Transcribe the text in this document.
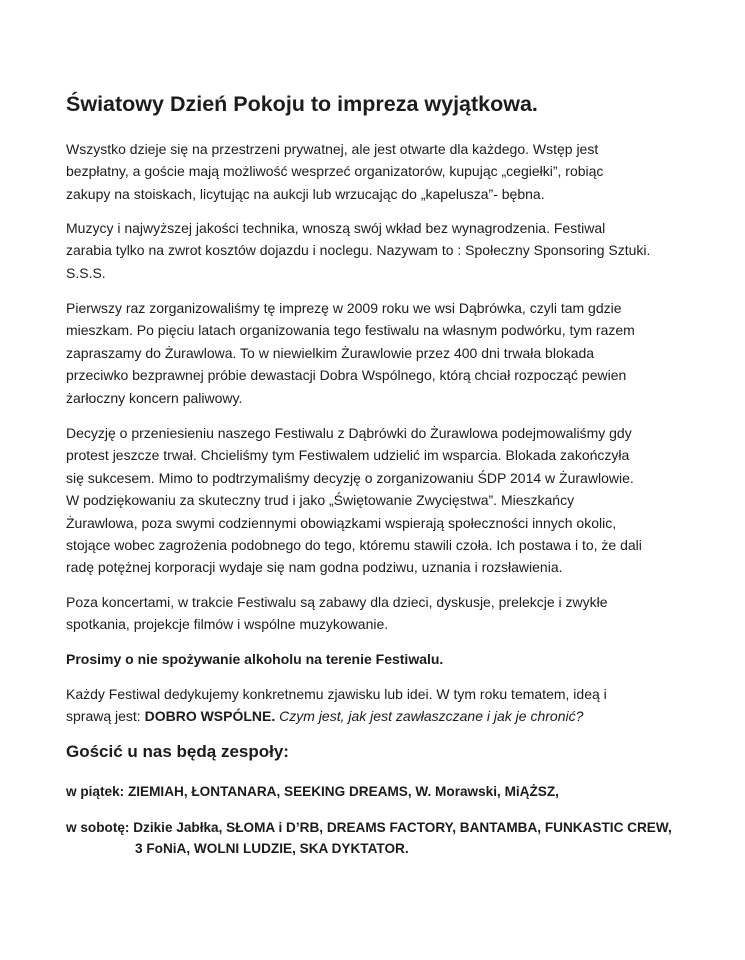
Światowy Dzień Pokoju to impreza wyjątkowa.

Wszystko dzieje się na przestrzeni prywatnej, ale jest otwarte dla każdego. Wstęp jest

bezpłatny, a goście mają możliwość wesprzeć organizatorów, kupując „cegiełki”, robiąc

zakupy na stoiskach, licytując na aukcji lub wrzucając do „kapelusza”- bębna.

Muzycy i najwyższej jakości technika, wnoszą swój wkład bez wynagrodzenia. Festiwal

zarabia tylko na zwrot kosztów dojazdu i noclegu. Nazywam to : Społeczny Sponsoring Sztuki.

S.S.S.

Pierwszy raz zorganizowaliśmy tę imprezę w 2009 roku we wsi Dąbrówka, czyli tam gdzie

mieszkam. Po pięciu latach organizowania tego festiwalu na własnym podwórku, tym razem

zapraszamy do Żurawlowa. To w niewielkim Żurawlowie przez 400 dni trwała blokada

przeciwko bezprawnej próbie dewastacji Dobra Wspólnego, którą chciał rozpocząć pewien

żarłoczny koncern paliwowy.

Decyzję o przeniesieniu naszego Festiwalu z Dąbrówki do Żurawlowa podejmowaliśmy gdy

protest jeszcze trwał. Chcieliśmy tym Festiwalem udzielić im wsparcia. Blokada zakończyła

się sukcesem. Mimo to podtrzymaliśmy decyzję o zorganizowaniu ŚDP 2014 w Żurawlowie.

W podziękowaniu za skuteczny trud i jako „Świętowanie Zwycięstwa”. Mieszkańcy

Żurawlowa, poza swymi codziennymi obowiązkami wspierają społeczności innych okolic,

stojące wobec zagrożenia podobnego do tego, któremu stawili czoła. Ich postawa i to, że dali

radę potężnej korporacji wydaje się nam godna podziwu, uznania i rozsławienia.

Poza koncertami, w trakcie Festiwalu są zabawy dla dzieci, dyskusje, prelekcje i zwykłe

spotkania, projekcje filmów i wspólne muzykowanie.

Prosimy o nie spożywanie alkoholu na terenie Festiwalu.

Każdy Festiwal dedykujemy konkretnemu zjawisku lub idei. W tym roku tematem, ideą i

sprawą jest: DOBRO WSPÓLNE. Czym jest, jak jest zawłaszczane i jak je chronić?

Gościć u nas będą zespoły:
w piątek: ZIEMIAH, ŁONTANARA, SEEKING DREAMS, W. Morawski, MiĄŻSZ,
w sobotę: Dzikie Jabłka, SŁOMA i D’RB, DREAMS FACTORY, BANTAMBA, FUNKASTIC CREW,
3 FoNiA, WOLNI LUDZIE, SKA DYKTATOR.
